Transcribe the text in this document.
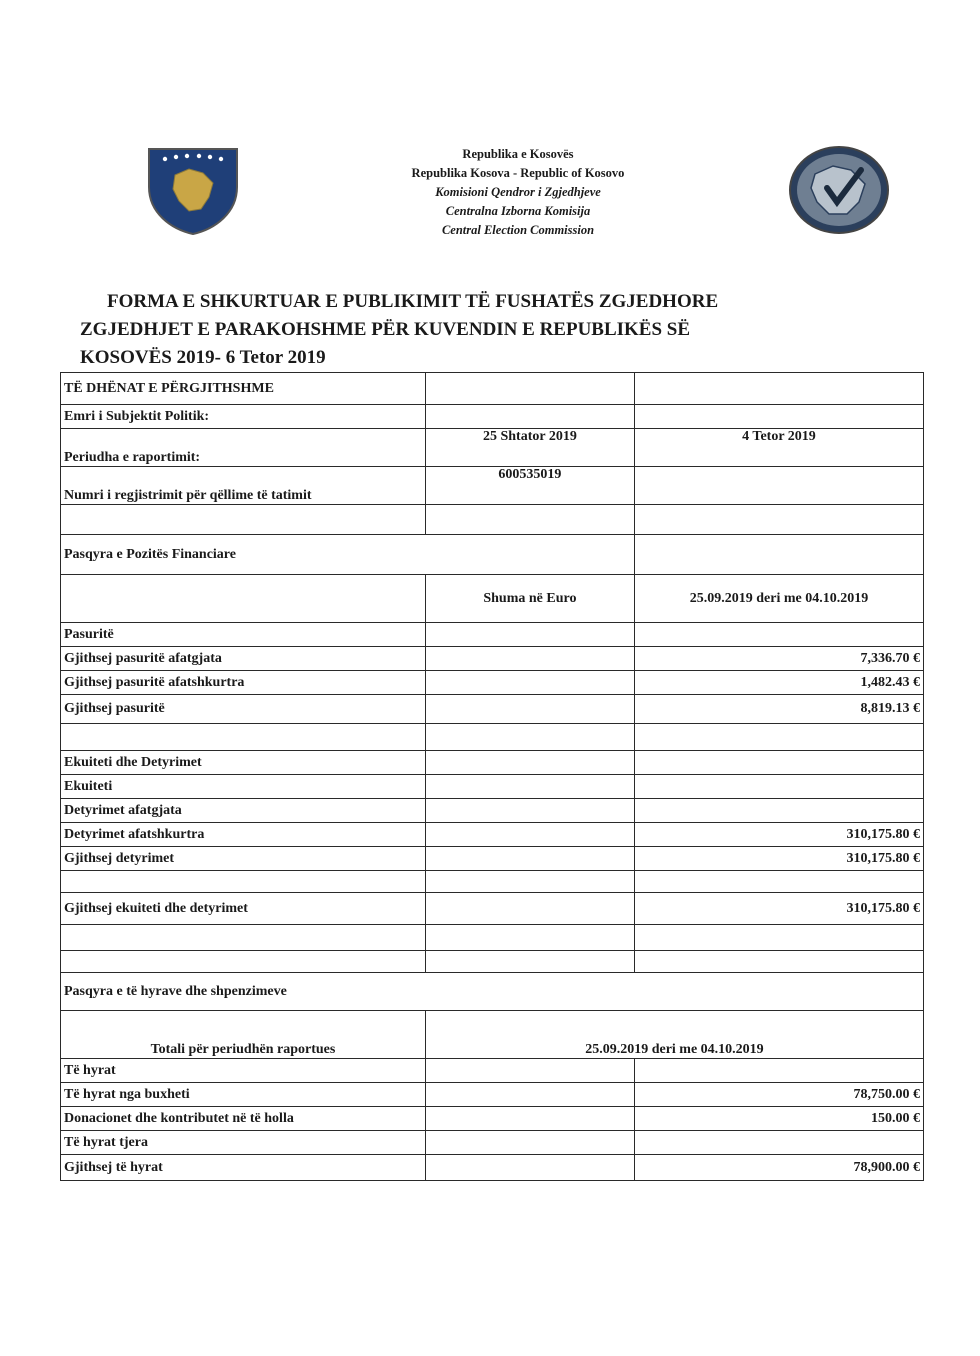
Republika e Kosovës
Republika Kosova - Republic of Kosovo
Komisioni Qendror i Zgjedhjeve
Centralna Izborna Komisija
Central Election Commission
FORMA E SHKURTUAR E PUBLIKIMIT TË FUSHATËS ZGJEDHORE
ZGJEDHJET E PARAKOHSHME PËR KUVENDIN E REPUBLIKËS SË
KOSOVËS 2019- 6 Tetor 2019
TË DHËNAT E PËRGJITHSHME		
Emri i Subjektit Politik:		
Periudha e raportimit:	25 Shtator 2019	4 Tetor 2019
Numri i regjistrimit për qëllime të tatimit	600535019	

Pasqyra e Pozitës Financiare		
	Shuma në Euro	25.09.2019 deri me 04.10.2019
Pasuritë		
Gjithsej pasuritë afatgjata		7,336.70 €
Gjithsej pasuritë afatshkurtra		1,482.43 €
Gjithsej pasuritë		8,819.13 €

Ekuiteti dhe Detyrimet		
Ekuiteti		
Detyrimet afatgjata		
Detyrimet afatshkurtra		310,175.80 €
Gjithsej detyrimet		310,175.80 €

Gjithsej ekuiteti dhe detyrimet		310,175.80 €

Pasqyra e të hyrave dhe shpenzimeve		
Totali për periudhën raportues	25.09.2019 deri me 04.10.2019	
Të hyrat		
Të hyrat nga buxheti		78,750.00 €
Donacionet dhe kontributet në të holla		150.00 €
Të hyrat tjera		
Gjithsej të hyrat		78,900.00 €
